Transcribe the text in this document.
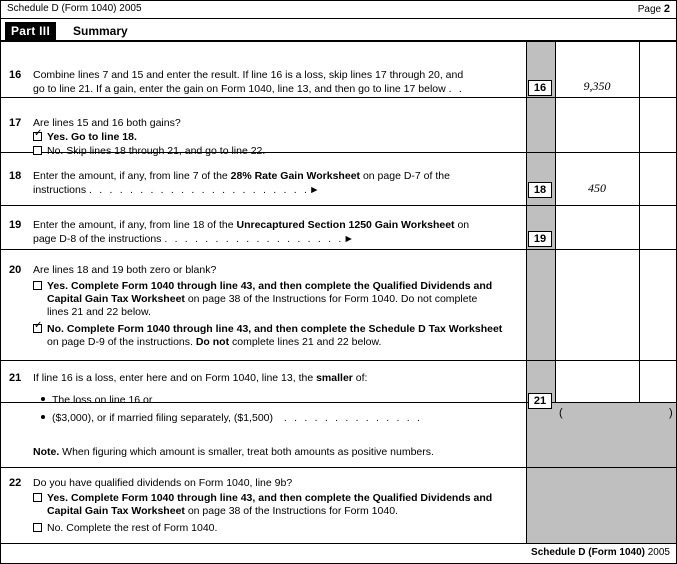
Schedule D (Form 1040) 2005	Page 2
Part III	Summary
16 Combine lines 7 and 15 and enter the result. If line 16 is a loss, skip lines 17 through 20, and
go to line 21. If a gain, enter the gain on Form 1040, line 13, and then go to line 17 below . .	16	9,350
17 Are lines 15 and 16 both gains?
✓Yes. Go to line 18.
No. Skip lines 18 through 21, and go to line 22.
18 Enter the amount, if any, from line 7 of the 28% Rate Gain Worksheet on page D-7 of the
instructions . . . . . . . . . . . . . . . . . . . . . .►	18	450
19 Enter the amount, if any, from line 18 of the Unrecaptured Section 1250 Gain Worksheet on
page D-8 of the instructions . . . . . . . . . . . . . . . . . .►	19
20 Are lines 18 and 19 both zero or blank?
Yes. Complete Form 1040 through line 43, and then complete the Qualified Dividends and
Capital Gain Tax Worksheet on page 38 of the Instructions for Form 1040. Do not complete
lines 21 and 22 below.
✓No. Complete Form 1040 through line 43, and then complete the Schedule D Tax Worksheet
on page D-9 of the instructions. Do not complete lines 21 and 22 below.
21 If line 16 is a loss, enter here and on Form 1040, line 13, the smaller of:
The loss on line 16 or
($3,000), or if married filing separately, ($1,500) . . . . . . . . . . . . . .
21
(	)
Note. When figuring which amount is smaller, treat both amounts as positive numbers.
22 Do you have qualified dividends on Form 1040, line 9b?
Yes. Complete Form 1040 through line 43, and then complete the Qualified Dividends and
Capital Gain Tax Worksheet on page 38 of the Instructions for Form 1040.
No. Complete the rest of Form 1040.
Schedule D (Form 1040) 2005
